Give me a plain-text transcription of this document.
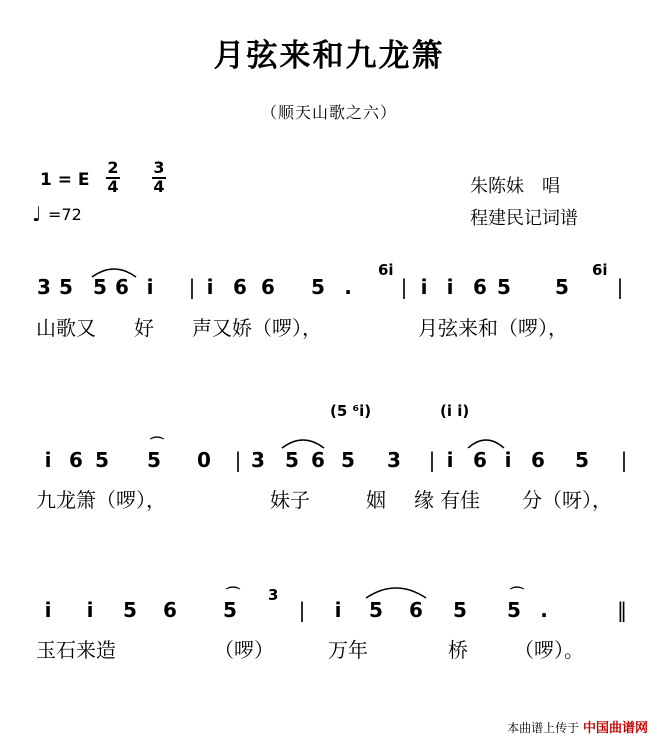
月弦来和九龙箫
（顺天山歌之六）
1 = E
2
4
3
4
♩ =72
朱陈妹　唱
程建民记词谱
3 5 5 6 i | i 6 6 5 . | i i 6 5 5 |
6i	6i
山歌又 好 声又娇（啰），	月弦来和（啰），
(5 ⁶i)	(i i)
i 6 5 5 0 | 3 5 6 5 3 | i 6 i 6 5 |
⌒
九龙箫（啰），	妹子	姻 缘 有佳 分（呀），
i i 5 6 5	| i 5 6 5 5 .	‖
3
⌒	⌒
玉石来造	（啰）	万年	桥 （啰）。
本曲谱上传于 中国曲谱网
